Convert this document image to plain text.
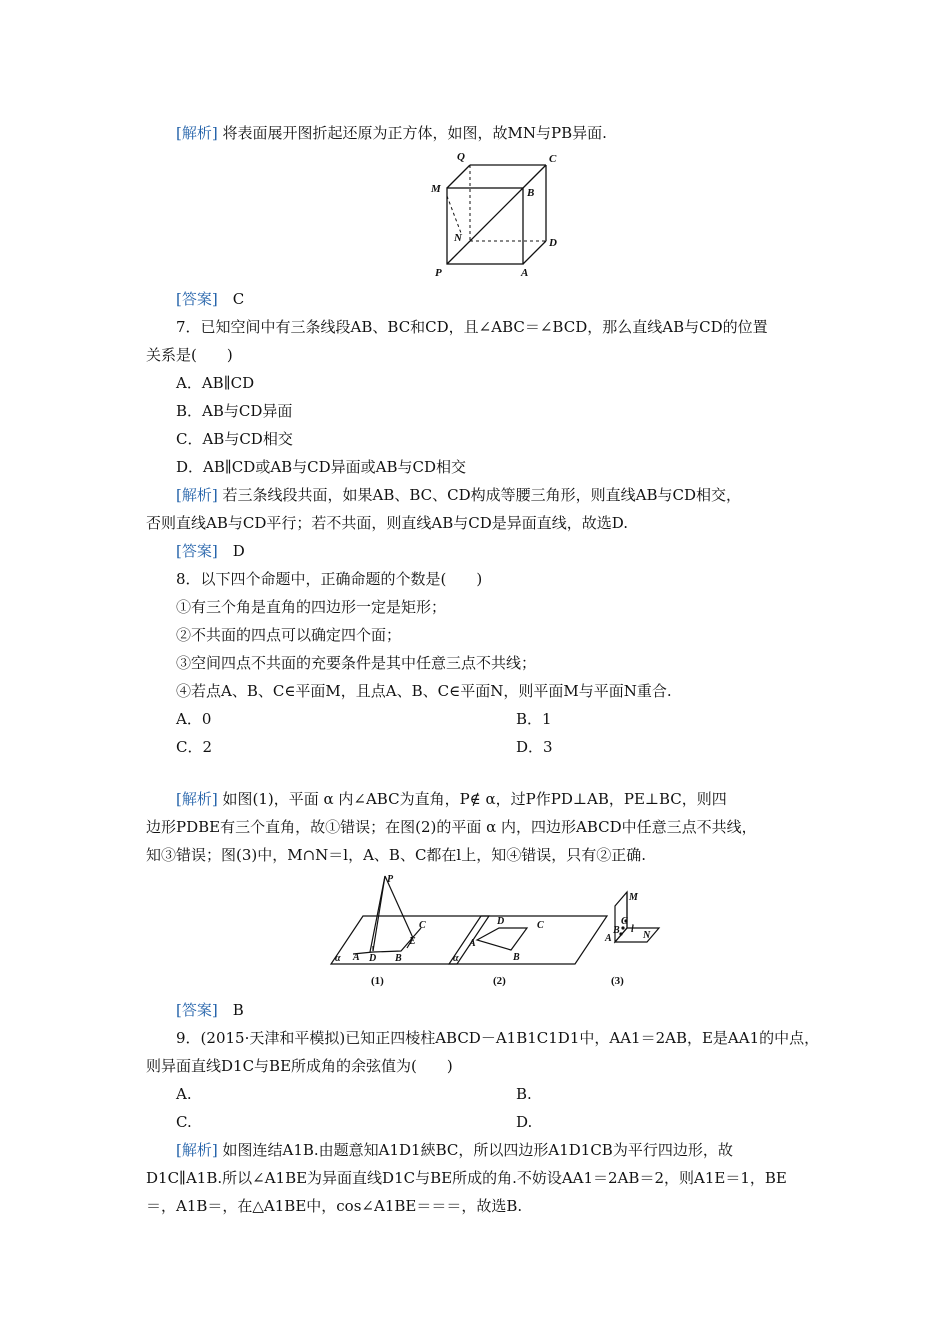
[解析] 将表面展开图折起还原为正方体，如图，故MN与PB异面.
Q	C
M	B
N	D
P	A
[答案]　 C
7．已知空间中有三条线段AB、BC和CD，且∠ABC＝∠BCD，那么直线AB与CD的位置
关系是(　　)
A．AB∥CD
B．AB与CD异面
C．AB与CD相交
D．AB∥CD或AB与CD异面或AB与CD相交
[解析] 若三条线段共面，如果AB、BC、CD构成等腰三角形，则直线AB与CD相交，
否则直线AB与CD平行；若不共面，则直线AB与CD是异面直线，故选D.
[答案]　 D
8．以下四个命题中，正确命题的个数是(　　)
①有三个角是直角的四边形一定是矩形；
②不共面的四点可以确定四个面；
③空间四点不共面的充要条件是其中任意三点不共线；
④若点A、B、C∈平面M，且点A、B、C∈平面N，则平面M与平面N重合.
A．0	B．1
C．2	D．3
[解析] 如图(1)，平面 α 内∠ABC为直角，P∉ α，过P作PD⊥AB，PE⊥BC，则四
边形PDBE有三个直角，故①错误；在图(2)的平面 α 内，四边形ABCD中任意三点不共线，
知③错误；图(3)中，M∩N＝l，A、B、C都在l上，知④错误，只有②正确.
P
C
E
A D B
α
D	C
A
B
α
M
C
B
A
l
N
(1)	(2)	(3)
[答案]　 B
9．(2015·天津和平模拟)已知正四棱柱ABCD－A1B1C1D1中，AA1＝2AB，E是AA1的中点，
则异面直线D1C与BE所成角的余弦值为(　　)
A.	B.
C.	D.
[解析] 如图连结A1B.由题意知A1D1綊BC，所以四边形A1D1CB为平行四边形，故
D1C∥A1B.所以∠A1BE为异面直线D1C与BE所成的角.不妨设AA1＝2AB＝2，则A1E＝1，BE
＝，A1B＝，在△A1BE中，cos∠A1BE＝＝＝，故选B.
